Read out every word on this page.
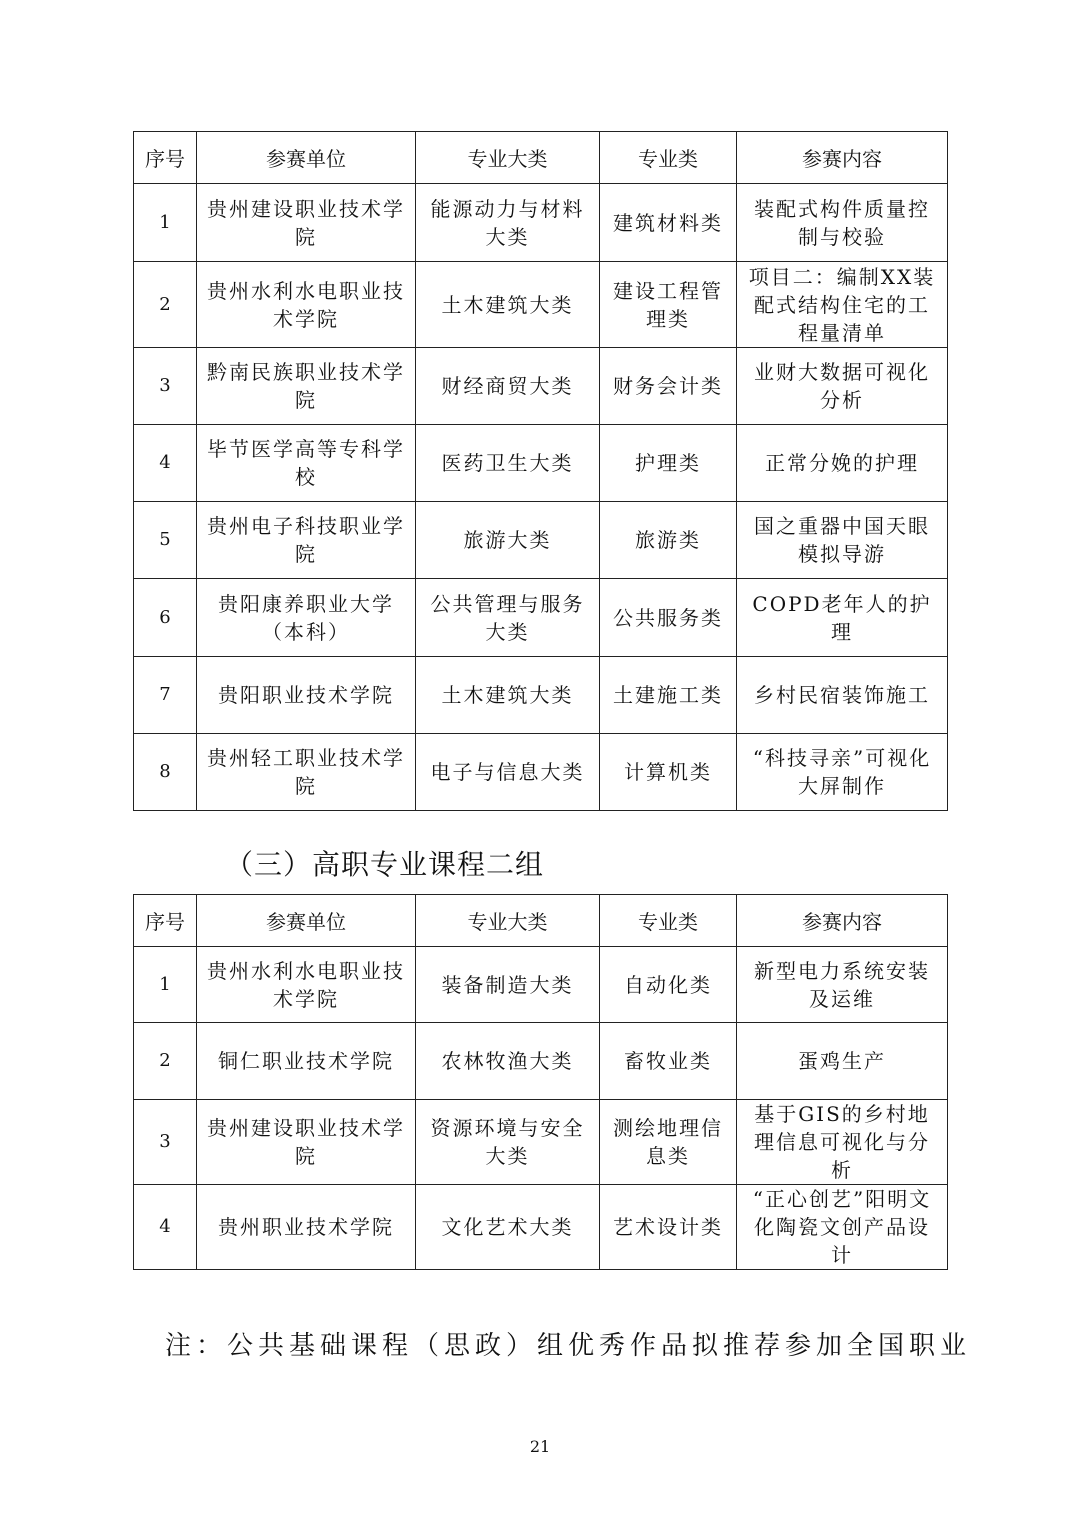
序号	参赛单位	专业大类	专业类	参赛内容
1	贵州建设职业技术学院	能源动力与材料大类	建筑材料类	装配式构件质量控制与校验
2	贵州水利水电职业技术学院	土木建筑大类	建设工程管理类	项目二：编制XX装配式结构住宅的工程量清单
3	黔南民族职业技术学院	财经商贸大类	财务会计类	业财大数据可视化分析
4	毕节医学高等专科学校	医药卫生大类	护理类	正常分娩的护理
5	贵州电子科技职业学院	旅游大类	旅游类	国之重器中国天眼模拟导游
6	贵阳康养职业大学（本科）	公共管理与服务大类	公共服务类	COPD老年人的护理
7	贵阳职业技术学院	土木建筑大类	土建施工类	乡村民宿装饰施工
8	贵州轻工职业技术学院	电子与信息大类	计算机类	“科技寻亲”可视化大屏制作
（三）高职专业课程二组
序号	参赛单位	专业大类	专业类	参赛内容
1	贵州水利水电职业技术学院	装备制造大类	自动化类	新型电力系统安装及运维
2	铜仁职业技术学院	农林牧渔大类	畜牧业类	蛋鸡生产
3	贵州建设职业技术学院	资源环境与安全大类	测绘地理信息类	基于GIS的乡村地理信息可视化与分析
4	贵州职业技术学院	文化艺术大类	艺术设计类	“正心创艺”阳明文化陶瓷文创产品设计

注：公共基础课程（思政）组优秀作品拟推荐参加全国职业

21
